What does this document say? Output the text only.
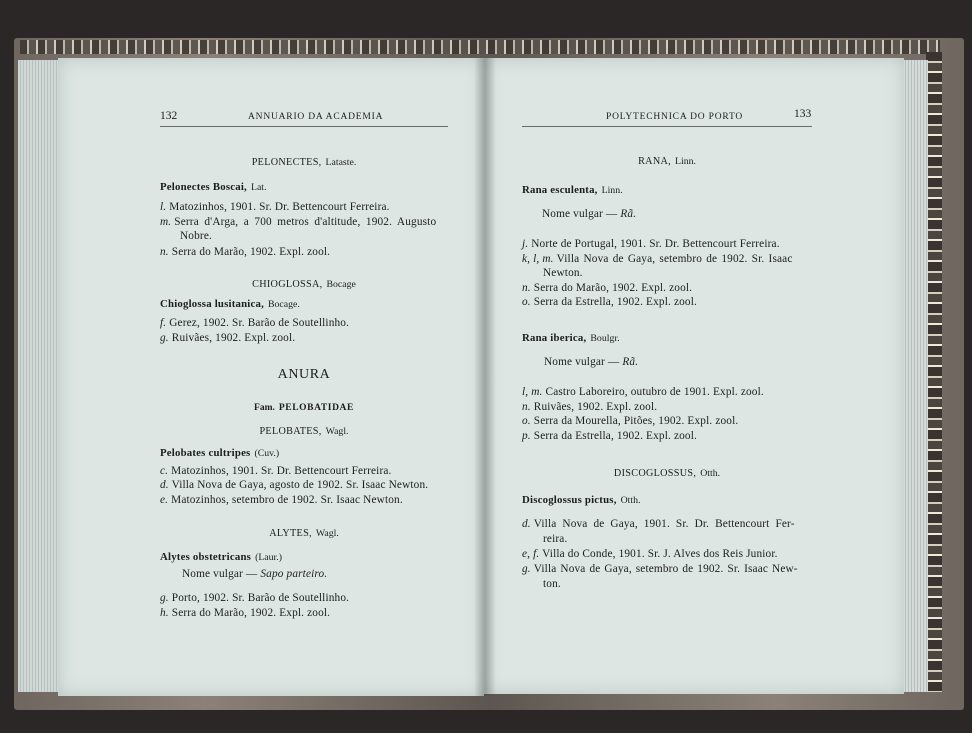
132	ANNUARIO DA ACADEMIA
PELONECTES, Lataste.
Pelonectes Boscai, Lat.
l. Matozinhos, 1901. Sr. Dr. Bettencourt Ferreira.
m. Serra d'Arga, a 700 metros d'altitude, 1902. Augusto
Nobre.
n. Serra do Marão, 1902. Expl. zool.
CHIOGLOSSA, Bocage
Chioglossa lusitanica, Bocage.
f. Gerez, 1902. Sr. Barão de Soutellinho.
g. Ruivães, 1902. Expl. zool.
ANURA
Fam. PELOBATIDAE
PELOBATES, Wagl.
Pelobates cultripes (Cuv.)
c. Matozinhos, 1901. Sr. Dr. Bettencourt Ferreira.
d. Villa Nova de Gaya, agosto de 1902. Sr. Isaac Newton.
e. Matozinhos, setembro de 1902. Sr. Isaac Newton.
ALYTES, Wagl.
Alytes obstetricans (Laur.)
Nome vulgar — Sapo parteiro.
g. Porto, 1902. Sr. Barão de Soutellinho.
h. Serra do Marão, 1902. Expl. zool.
POLYTECHNICA DO PORTO	133
RANA, Linn.
Rana esculenta, Linn.
Nome vulgar — Rã.
j. Norte de Portugal, 1901. Sr. Dr. Bettencourt Ferreira.
k, l, m. Villa Nova de Gaya, setembro de 1902. Sr. Isaac
Newton.
n. Serra do Marão, 1902. Expl. zool.
o. Serra da Estrella, 1902. Expl. zool.
Rana iberica, Boulgr.
Nome vulgar — Rã.
l, m. Castro Laboreiro, outubro de 1901. Expl. zool.
n. Ruivães, 1902. Expl. zool.
o. Serra da Mourella, Pitões, 1902. Expl. zool.
p. Serra da Estrella, 1902. Expl. zool.
DISCOGLOSSUS, Otth.
Discoglossus pictus, Otth.
d. Villa Nova de Gaya, 1901. Sr. Dr. Bettencourt Fer-
reira.
e, f. Villa do Conde, 1901. Sr. J. Alves dos Reis Junior.
g. Villa Nova de Gaya, setembro de 1902. Sr. Isaac New-
ton.
